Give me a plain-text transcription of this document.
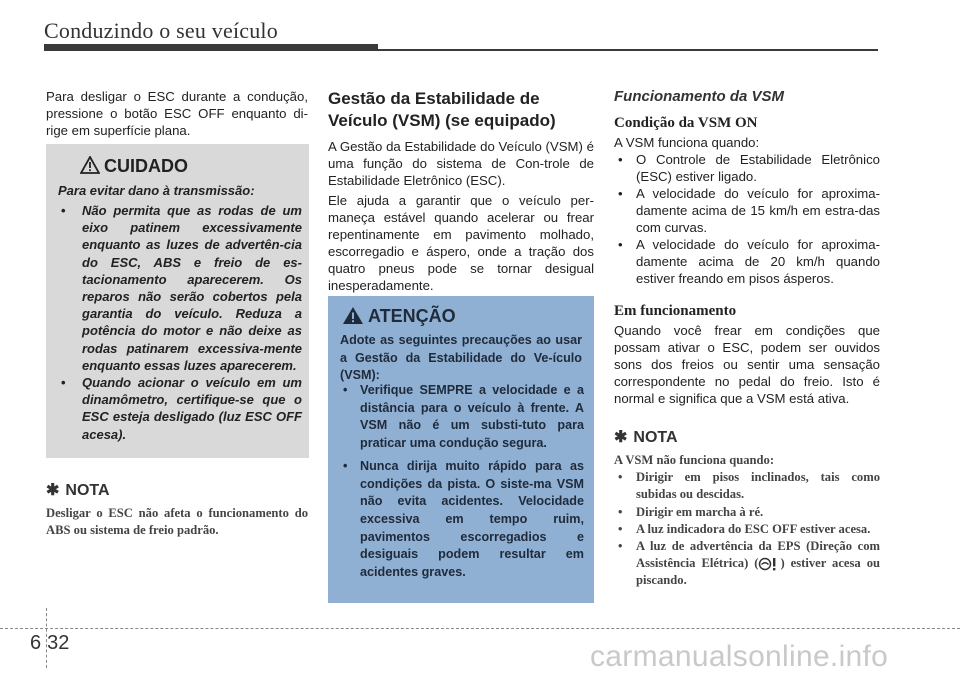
Conduzindo o seu veículo

Para desligar o ESC durante a condução, pressione o botão ESC OFF enquanto di-rige em superfície plana.

CUIDADO
Para evitar dano à transmissão:
• Não permita que as rodas de um eixo patinem excessivamente enquanto as luzes de advertên-cia do ESC, ABS e freio de es-tacionamento aparecerem. Os reparos não serão cobertos pela garantia do veículo. Reduza a potência do motor e não deixe as rodas patinarem excessiva-mente enquanto essas luzes aparecerem.
• Quando acionar o veículo em um dinamômetro, certifique-se que o ESC esteja desligado (luz ESC OFF acesa).
✱ NOTA

Desligar o ESC não afeta o funcionamento do ABS ou sistema de freio padrão.

Gestão da Estabilidade de Veículo (VSM) (se equipado)

A Gestão da Estabilidade do Veículo (VSM) é uma função do sistema de Con-trole de Estabilidade Eletrônico (ESC).

Ele ajuda a garantir que o veículo per-maneça estável quando acelerar ou frear repentinamente em pavimento molhado, escorregadio e áspero, onde a tração dos quatro pneus pode se tornar desigual inesperadamente.

ATENÇÃO
Adote as seguintes precauções ao usar a Gestão da Estabilidade do Ve-ículo (VSM):
• Verifique SEMPRE a velocidade e a distância para o veículo à frente. A VSM não é um substi-tuto para praticar uma condução segura.
• Nunca dirija muito rápido para as condições da pista. O siste-ma VSM não evita acidentes. Velocidade excessiva em tempo ruim, pavimentos escorregadios e desiguais podem resultar em acidentes graves.
Funcionamento da VSM
Condição da VSM ON

A VSM funciona quando:

• O Controle de Estabilidade Eletrônico (ESC) estiver ligado.
• A velocidade do veículo for aproxima-damente acima de 15 km/h em estra-das com curvas.
• A velocidade do veículo for aproxima-damente acima de 20 km/h quando estiver freando em pisos ásperos.
Em funcionamento

Quando você frear em condições que possam ativar o ESC, podem ser ouvidos sons dos freios ou sentir uma sensação correspondente no pedal do freio. Isto é normal e significa que a VSM está ativa.

✱ NOTA

A VSM não funciona quando:

• Dirigir em pisos inclinados, tais como subidas ou descidas.
• Dirigir em marcha à ré.
• A luz indicadora do ESC OFF estiver acesa.
• A luz de advertência da EPS (Direção com Assistência Elétrica) ( ) estiver acesa ou piscando.
6 32	carmanualsonline.info
